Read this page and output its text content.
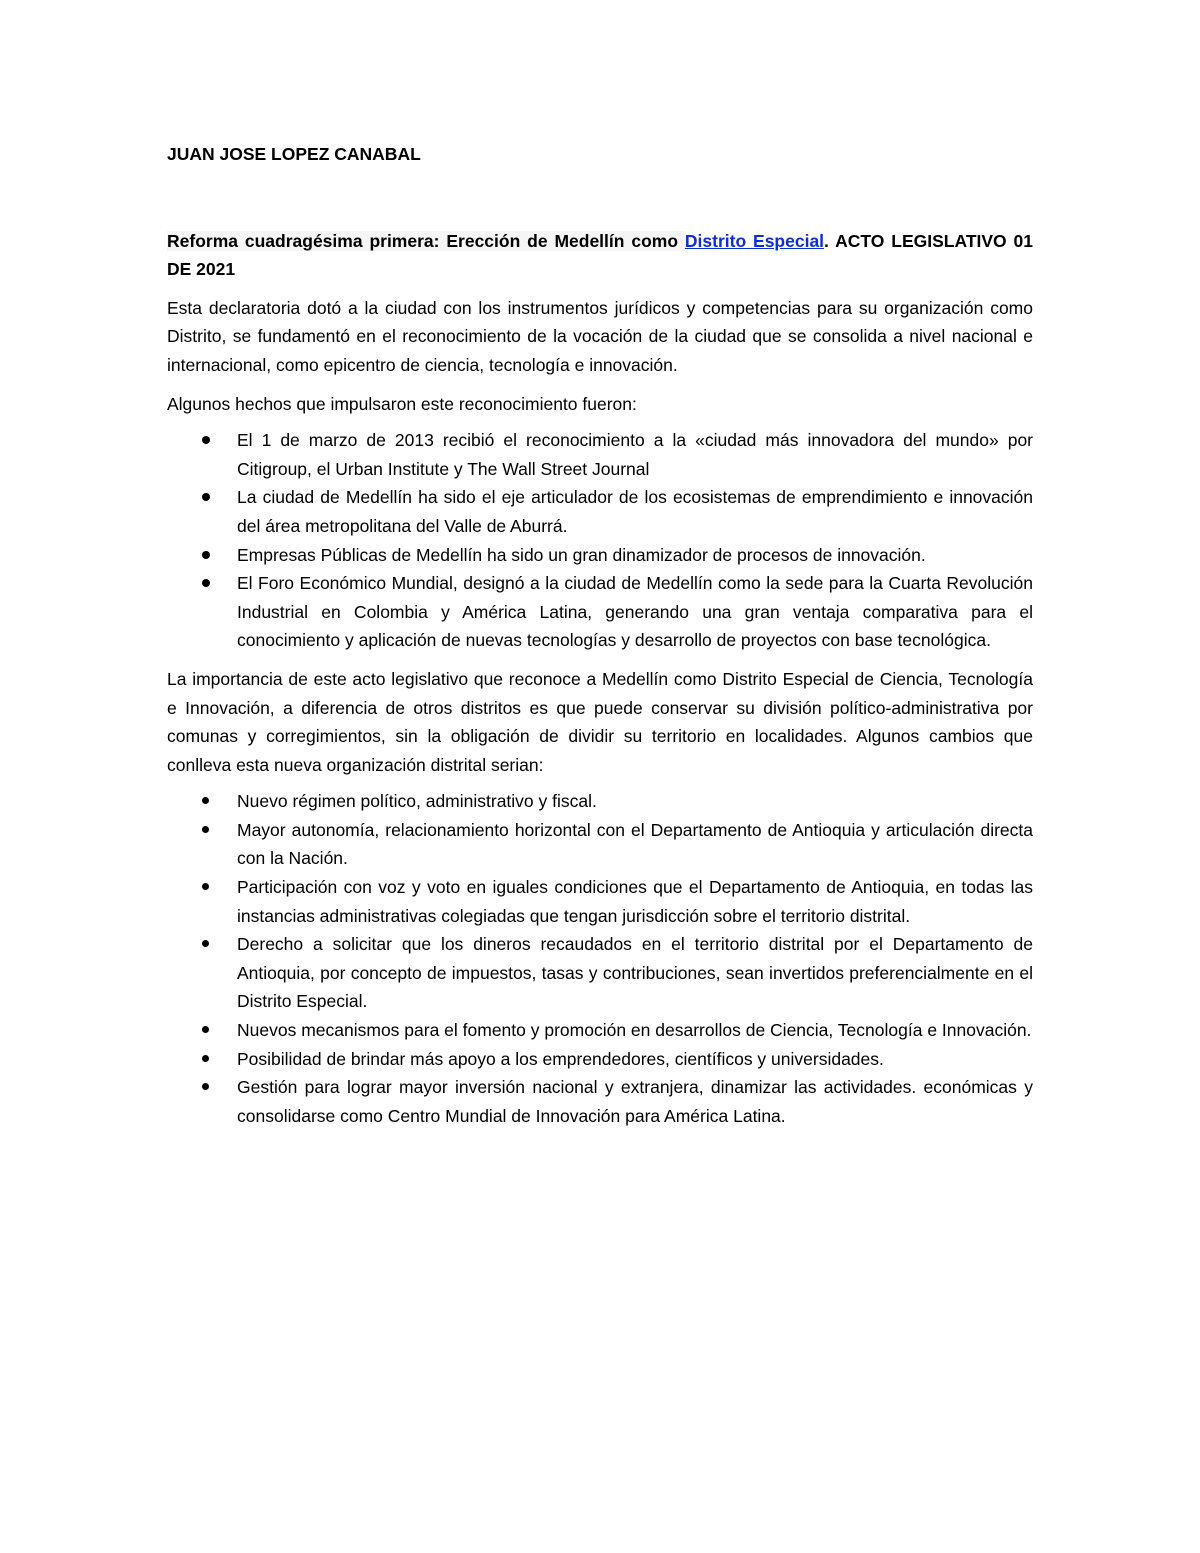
JUAN JOSE LOPEZ CANABAL

Reforma cuadragésima primera: Erección de Medellín como Distrito Especial. ACTO LEGISLATIVO 01 DE 2021

Esta declaratoria dotó a la ciudad con los instrumentos jurídicos y competencias para su organización como Distrito, se fundamentó en el reconocimiento de la vocación de la ciudad que se consolida a nivel nacional e internacional, como epicentro de ciencia, tecnología e innovación.

Algunos hechos que impulsaron este reconocimiento fueron:

El 1 de marzo de 2013 recibió el reconocimiento a la «ciudad más innovadora del mundo» por Citigroup, el Urban Institute y The Wall Street Journal
La ciudad de Medellín ha sido el eje articulador de los ecosistemas de emprendimiento e innovación del área metropolitana del Valle de Aburrá.
Empresas Públicas de Medellín ha sido un gran dinamizador de procesos de innovación.
El Foro Económico Mundial, designó a la ciudad de Medellín como la sede para la Cuarta Revolución Industrial en Colombia y América Latina, generando una gran ventaja comparativa para el conocimiento y aplicación de nuevas tecnologías y desarrollo de proyectos con base tecnológica.

La importancia de este acto legislativo que reconoce a Medellín como Distrito Especial de Ciencia, Tecnología e Innovación, a diferencia de otros distritos es que puede conservar su división político-administrativa por comunas y corregimientos, sin la obligación de dividir su territorio en localidades. Algunos cambios que conlleva esta nueva organización distrital serian:

Nuevo régimen político, administrativo y fiscal.
Mayor autonomía, relacionamiento horizontal con el Departamento de Antioquia y articulación directa con la Nación.
Participación con voz y voto en iguales condiciones que el Departamento de Antioquia, en todas las instancias administrativas colegiadas que tengan jurisdicción sobre el territorio distrital.
Derecho a solicitar que los dineros recaudados en el territorio distrital por el Departamento de Antioquia, por concepto de impuestos, tasas y contribuciones, sean invertidos preferencialmente en el Distrito Especial.
Nuevos mecanismos para el fomento y promoción en desarrollos de Ciencia, Tecnología e Innovación.
Posibilidad de brindar más apoyo a los emprendedores, científicos y universidades.
Gestión para lograr mayor inversión nacional y extranjera, dinamizar las actividades. económicas y consolidarse como Centro Mundial de Innovación para América Latina.
